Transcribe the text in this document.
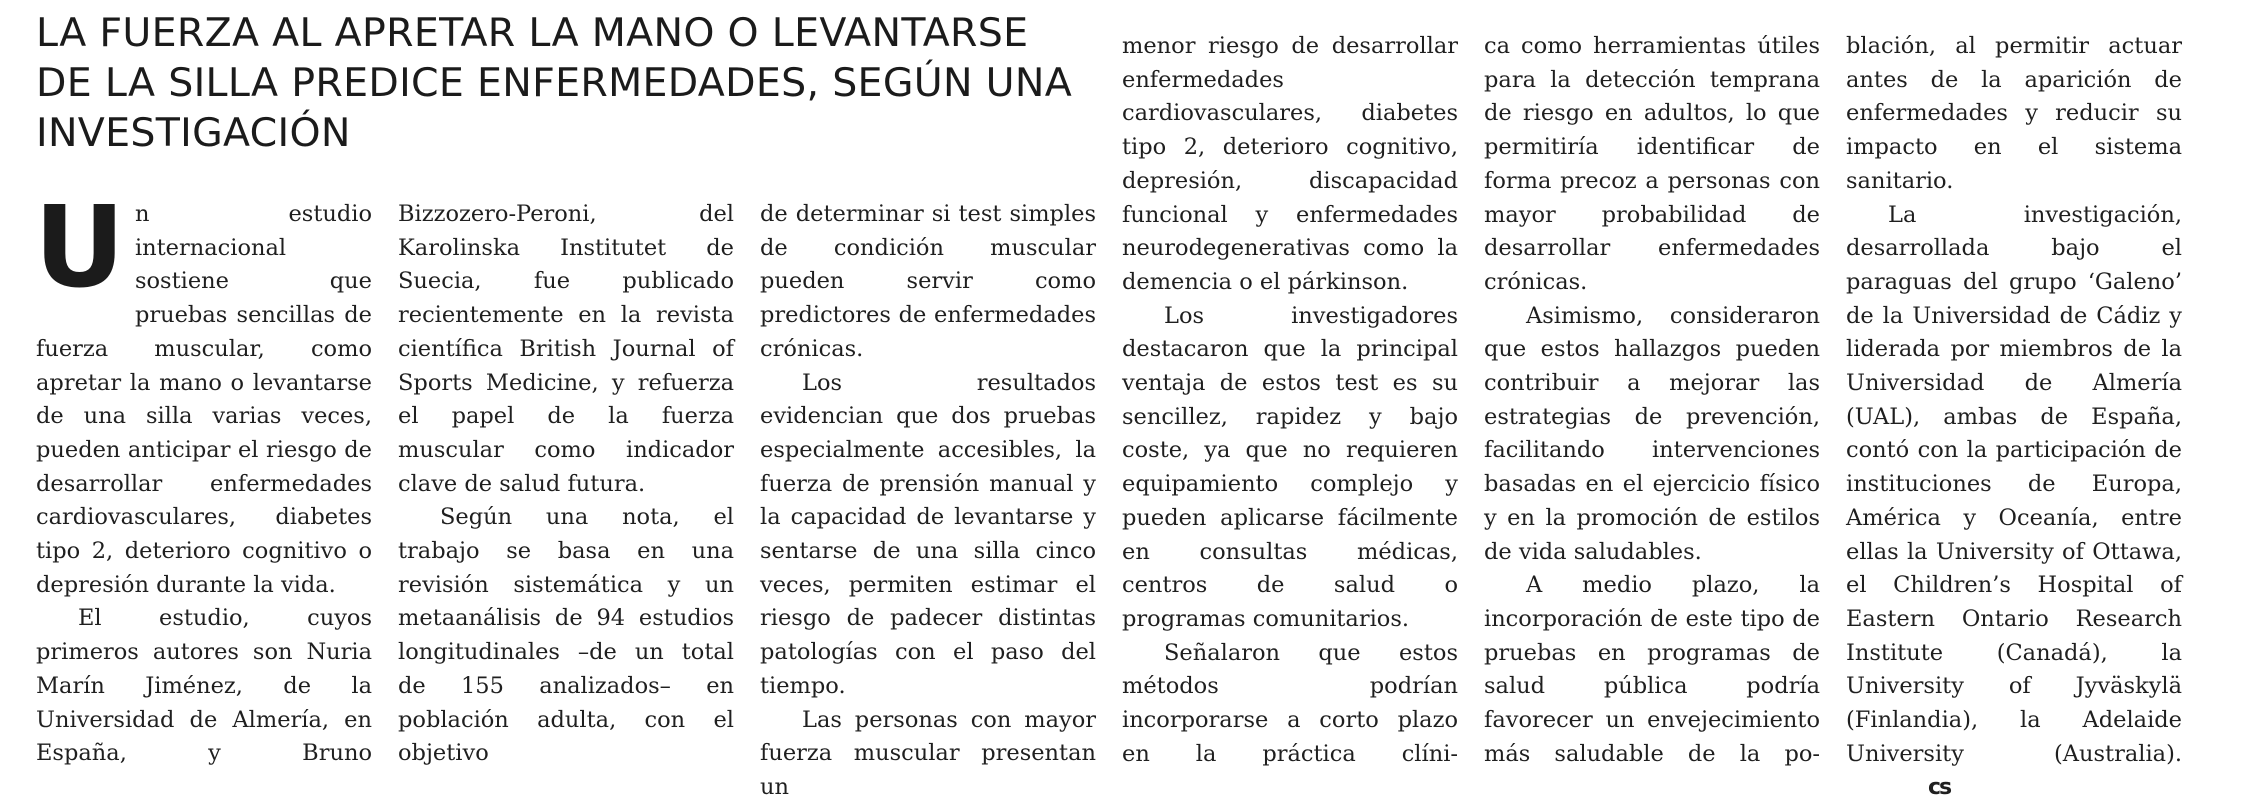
LA FUERZA AL APRETAR LA MANO O LEVANTARSE DE LA SILLA PREDICE ENFERMEDADES, SEGÚN UNA INVESTIGACIÓN

Un estudio internacional sostiene que pruebas sencillas de fuerza muscular, como apretar la mano o levantarse de una silla varias veces, pueden anticipar el riesgo de desarrollar enfermedades cardiovasculares, diabetes tipo 2, deterioro cognitivo o depresión durante la vida.

El estudio, cuyos primeros autores son Nuria Marín Jiménez, de la Universidad de Almería, en España, y Bruno

Bizzozero-Peroni, del Karolinska Institutet de Suecia, fue publicado recientemente en la revista científica British Journal of Sports Medicine, y refuerza el papel de la fuerza muscular como indicador clave de salud futura.

Según una nota, el trabajo se basa en una revisión sistemática y un metaanálisis de 94 estudios longitudinales –de un total de 155 analizados– en población adulta, con el objetivo

de determinar si test simples de condición muscular pueden servir como predictores de enfermedades crónicas.

Los resultados evidencian que dos pruebas especialmente accesibles, la fuerza de prensión manual y la capacidad de levantarse y sentarse de una silla cinco veces, permiten estimar el riesgo de padecer distintas patologías con el paso del tiempo.

Las personas con mayor fuerza muscular presentan un

menor riesgo de desarrollar enfermedades cardiovasculares, diabetes tipo 2, deterioro cognitivo, depresión, discapacidad funcional y enfermedades neurodegenerativas como la demencia o el párkinson.

Los investigadores destacaron que la principal ventaja de estos test es su sencillez, rapidez y bajo coste, ya que no requieren equipamiento complejo y pueden aplicarse fácilmente en consultas médicas, centros de salud o programas comunitarios.

Señalaron que estos métodos podrían incorporarse a corto plazo en la práctica clíni-

ca como herramientas útiles para la detección temprana de riesgo en adultos, lo que permitiría identificar de forma precoz a personas con mayor probabilidad de desarrollar enfermedades crónicas.

Asimismo, consideraron que estos hallazgos pueden contribuir a mejorar las estrategias de prevención, facilitando intervenciones basadas en el ejercicio físico y en la promoción de estilos de vida saludables.

A medio plazo, la incorporación de este tipo de pruebas en programas de salud pública podría favorecer un envejecimiento más saludable de la po-

blación, al permitir actuar antes de la aparición de enfermedades y reducir su impacto en el sistema sanitario.

La investigación, desarrollada bajo el paraguas del grupo ‘Galeno’ de la Universidad de Cádiz y liderada por miembros de la Universidad de Almería (UAL), ambas de España, contó con la participación de instituciones de Europa, América y Oceanía, entre ellas la University of Ottawa, el Children’s Hospital of Eastern Ontario Research Institute (Canadá), la University of Jyväskylä (Finlandia), la Adelaide University (Australia).cs
